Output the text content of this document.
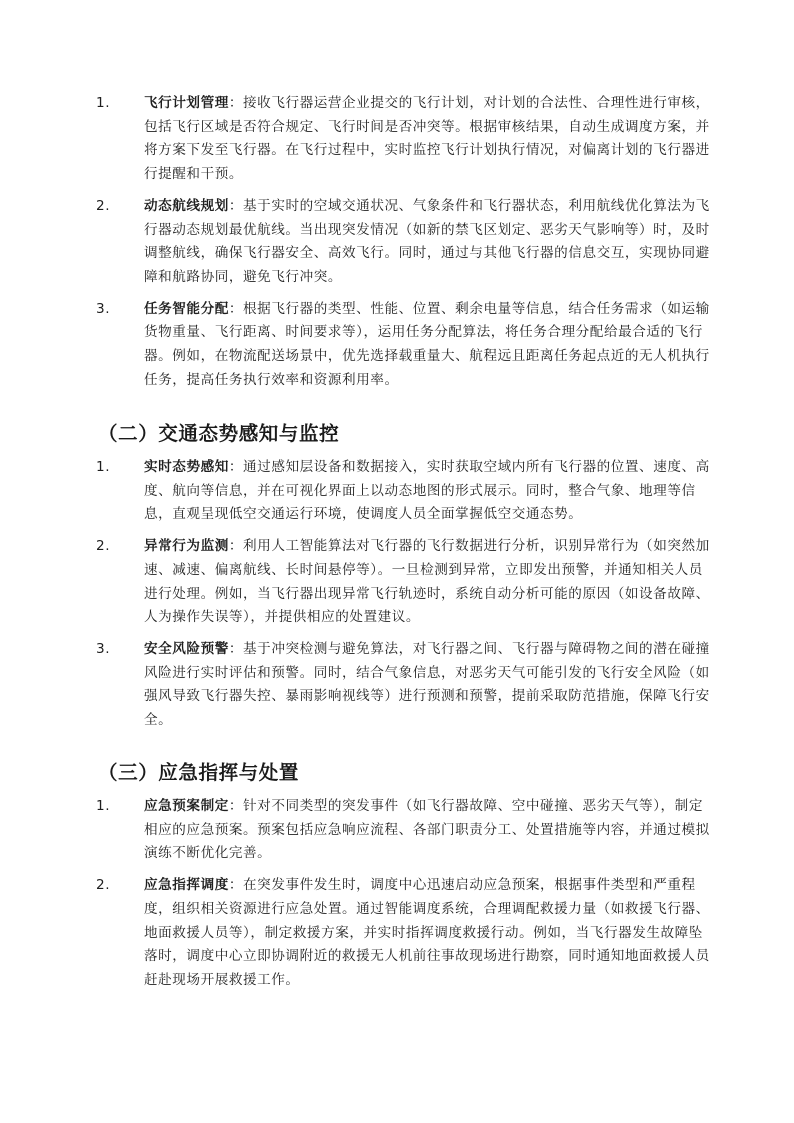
1.	飞行计划管理：接收飞行器运营企业提交的飞行计划，对计划的合法性、合理性进行审核，包括飞行区域是否符合规定、飞行时间是否冲突等。根据审核结果，自动生成调度方案，并将方案下发至飞行器。在飞行过程中，实时监控飞行计划执行情况，对偏离计划的飞行器进行提醒和干预。
2.	动态航线规划：基于实时的空域交通状况、气象条件和飞行器状态，利用航线优化算法为飞行器动态规划最优航线。当出现突发情况（如新的禁飞区划定、恶劣天气影响等）时，及时调整航线，确保飞行器安全、高效飞行。同时，通过与其他飞行器的信息交互，实现协同避障和航路协同，避免飞行冲突。
3.	任务智能分配：根据飞行器的类型、性能、位置、剩余电量等信息，结合任务需求（如运输货物重量、飞行距离、时间要求等），运用任务分配算法，将任务合理分配给最合适的飞行器。例如，在物流配送场景中，优先选择载重量大、航程远且距离任务起点近的无人机执行任务，提高任务执行效率和资源利用率。
（二）交通态势感知与监控
1.	实时态势感知：通过感知层设备和数据接入，实时获取空域内所有飞行器的位置、速度、高度、航向等信息，并在可视化界面上以动态地图的形式展示。同时，整合气象、地理等信息，直观呈现低空交通运行环境，使调度人员全面掌握低空交通态势。
2.	异常行为监测：利用人工智能算法对飞行器的飞行数据进行分析，识别异常行为（如突然加速、减速、偏离航线、长时间悬停等）。一旦检测到异常，立即发出预警，并通知相关人员进行处理。例如，当飞行器出现异常飞行轨迹时，系统自动分析可能的原因（如设备故障、人为操作失误等），并提供相应的处置建议。
3.	安全风险预警：基于冲突检测与避免算法，对飞行器之间、飞行器与障碍物之间的潜在碰撞风险进行实时评估和预警。同时，结合气象信息，对恶劣天气可能引发的飞行安全风险（如强风导致飞行器失控、暴雨影响视线等）进行预测和预警，提前采取防范措施，保障飞行安全。
（三）应急指挥与处置
1.	应急预案制定：针对不同类型的突发事件（如飞行器故障、空中碰撞、恶劣天气等），制定相应的应急预案。预案包括应急响应流程、各部门职责分工、处置措施等内容，并通过模拟演练不断优化完善。
2.	应急指挥调度：在突发事件发生时，调度中心迅速启动应急预案，根据事件类型和严重程度，组织相关资源进行应急处置。通过智能调度系统，合理调配救援力量（如救援飞行器、地面救援人员等），制定救援方案，并实时指挥调度救援行动。例如，当飞行器发生故障坠落时，调度中心立即协调附近的救援无人机前往事故现场进行勘察，同时通知地面救援人员赶赴现场开展救援工作。
